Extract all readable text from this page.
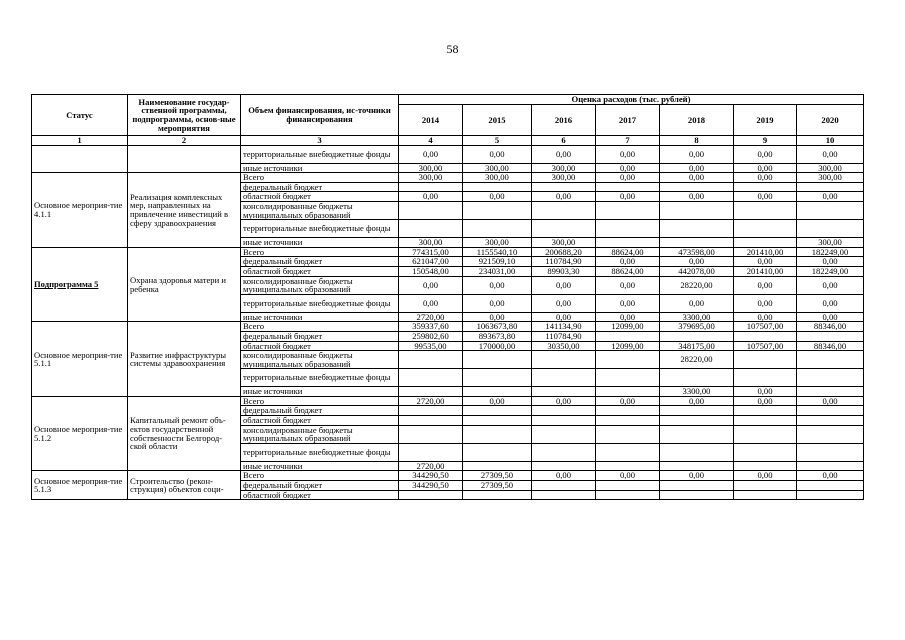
58
Статус	Наименование государ-ственной программы, подпрограммы, основ-ные мероприятия	Объем финансирования, ис-точники финансирования	Оценка расходов (тыс. рублей)						
			2014	2015	2016	2017	2018	2019	2020
1	2	3	4	5	6	7	8	9	10
		территориальные внебюджетные фонды	0,00	0,00	0,00	0,00	0,00	0,00	0,00
		иные источники	300,00	300,00	300,00	0,00	0,00	0,00	300,00
Основное мероприя-тие 4.1.1	Реализация комплексных мер, направленных на привлечение инвестиций в сферу здравоохранения	Всего	300,00	300,00	300,00	0,00	0,00	0,00	300,00
		федеральный бюджет							
		областной бюджет	0,00	0,00	0,00	0,00	0,00	0,00	0,00
		консолидированные бюджеты муниципальных образований							
		территориальные внебюджетные фонды							
		иные источники	300,00	300,00	300,00				300,00
Подпрограмма 5	Охрана здоровья матери и ребенка	Всего	774315,00	1155540,10	200688,20	88624,00	473598,00	201410,00	182249,00
		федеральный бюджет	621047,00	921509,10	110784,90	0,00	0,00	0,00	0,00
		областной бюджет	150548,00	234031,00	89903,30	88624,00	442078,00	201410,00	182249,00
		консолидированные бюджеты муниципальных образований	0,00	0,00	0,00	0,00	28220,00	0,00	0,00
		территориальные внебюджетные фонды	0,00	0,00	0,00	0,00	0,00	0,00	0,00
		иные источники	2720,00	0,00	0,00	0,00	3300,00	0,00	0,00
Основное мероприя-тие 5.1.1	Развитие инфраструктуры системы здравоохранения	Всего	359337,60	1063673,80	141134,90	12099,00	379695,00	107507,00	88346,00
		федеральный бюджет	259802,60	893673,80	110784,90				
		областной бюджет	99535,00	170000,00	30350,00	12099,00	348175,00	107507,00	88346,00
		консолидированные бюджеты муниципальных образований					28220,00		
		территориальные внебюджетные фонды							
		иные источники					3300,00	0,00	
Основное мероприя-тие 5.1.2	Капитальный ремонт объ-ектов государственной собственности Белгород-ской области	Всего	2720,00	0,00	0,00	0,00	0,00	0,00	0,00
		федеральный бюджет							
		областной бюджет							
		консолидированные бюджеты муниципальных образований							
		территориальные внебюджетные фонды							
		иные источники	2720,00						
Основное мероприя-тие 5.1.3	Строительство (рекон-струкция) объектов соци-	Всего	344290,50	27309,50	0,00	0,00	0,00	0,00	0,00
		федеральный бюджет	344290,50	27309,50					
		областной бюджет							
